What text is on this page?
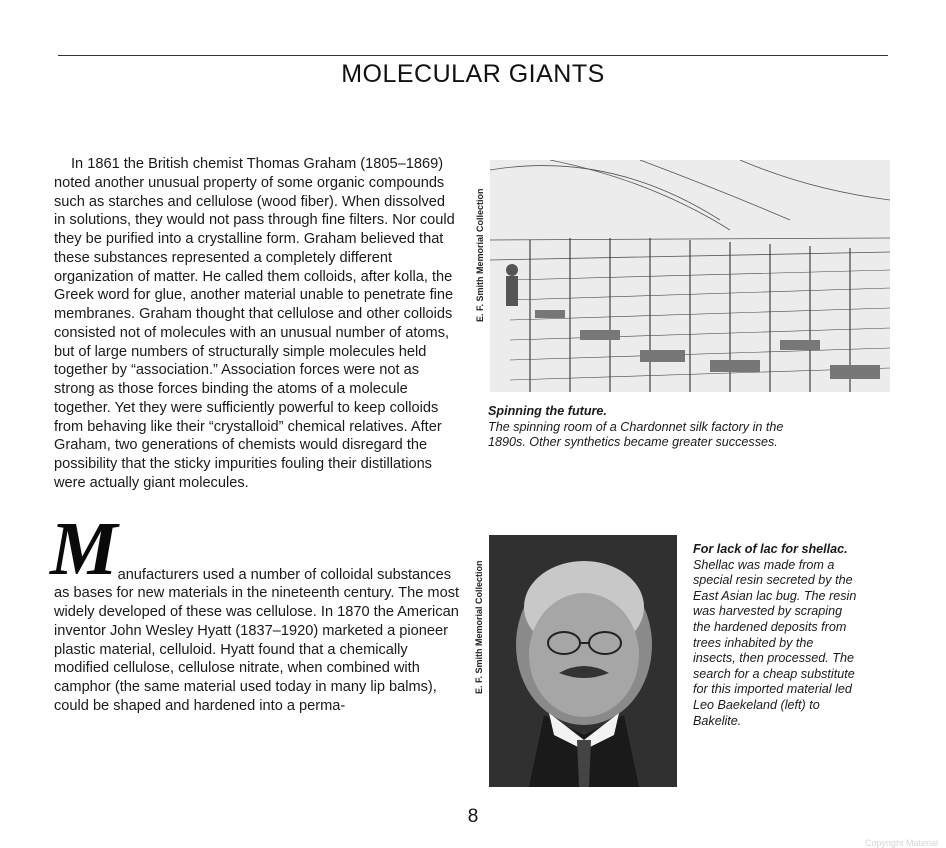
MOLECULAR GIANTS

In 1861 the British chemist Thomas Graham (1805–1869) noted another unusual property of some organic compounds such as starches and cellulose (wood fiber). When dissolved in solutions, they would not pass through fine filters. Nor could they be purified into a crystalline form. Graham believed that these substances represented a completely different organization of matter. He called them colloids, after kolla, the Greek word for glue, another material unable to penetrate fine membranes. Graham thought that cellulose and other colloids consisted not of molecules with an unusual number of atoms, but of large numbers of structurally simple molecules held together by “association.” Association forces were not as strong as those forces binding the atoms of a molecule together. Yet they were sufficiently powerful to keep colloids from behaving like their “crystalloid” chemical relatives. After Graham, two generations of chemists would disregard the possibility that the sticky impurities fouling their distillations were actually giant molecules.

M anufacturers used a number of colloidal substances as bases for new materials in the nineteenth century. The most widely developed of these was cellulose. In 1870 the American inventor John Wesley Hyatt (1837–1920) marketed a pioneer plastic material, celluloid. Hyatt found that a chemically modified cellulose, cellulose nitrate, when combined with camphor (the same material used today in many lip balms), could be shaped and hardened into a perma-

E. F. Smith Memorial Collection
Spinning the future.
The spinning room of a Chardonnet silk factory in the 1890s. Other synthetics became greater successes.
E. F. Smith Memorial Collection
For lack of lac for shellac.
Shellac was made from a special resin secreted by the East Asian lac bug. The resin was harvested by scraping the hardened deposits from trees inhabited by the insects, then processed. The search for a cheap substitute for this imported material led Leo Baekeland (left) to Bakelite.
8
Copyright Material
